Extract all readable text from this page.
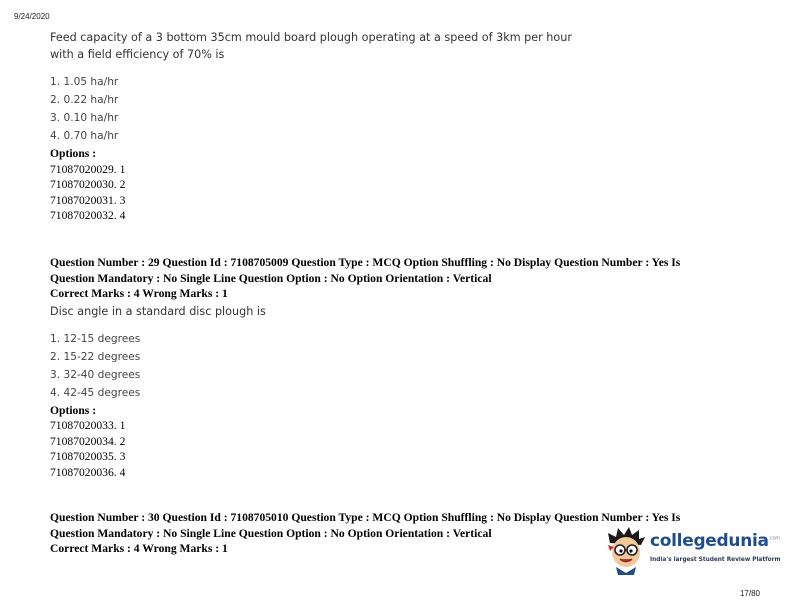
9/24/2020
Feed capacity of a 3 bottom 35cm mould board plough operating at a speed of 3km per hour
with a field efficiency of 70% is
1. 1.05 ha/hr
2. 0.22 ha/hr
3. 0.10 ha/hr
4. 0.70 ha/hr
Options :
71087020029. 1
71087020030. 2
71087020031. 3
71087020032. 4
Question Number : 29 Question Id : 7108705009 Question Type : MCQ Option Shuffling : No Display Question Number : Yes Is
Question Mandatory : No Single Line Question Option : No Option Orientation : Vertical
Correct Marks : 4 Wrong Marks : 1
Disc angle in a standard disc plough is
1. 12-15 degrees
2. 15-22 degrees
3. 32-40 degrees
4. 42-45 degrees
Options :
71087020033. 1
71087020034. 2
71087020035. 3
71087020036. 4
Question Number : 30 Question Id : 7108705010 Question Type : MCQ Option Shuffling : No Display Question Number : Yes Is
Question Mandatory : No Single Line Question Option : No Option Orientation : Vertical
Correct Marks : 4 Wrong Marks : 1	collegedunia$^{.com}$
India's largest Student Review Platform
17/80
